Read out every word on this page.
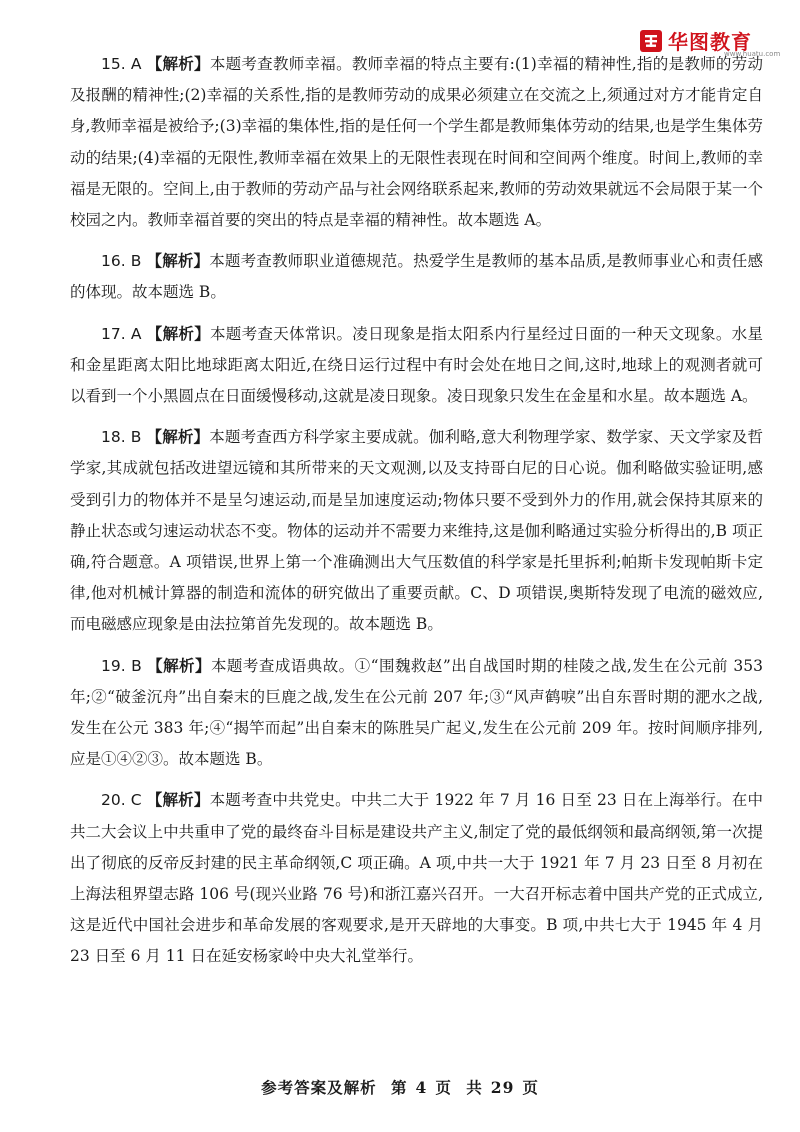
华图教育
www.huatu.com

15. A 【解析】本题考查教师幸福。教师幸福的特点主要有:(1)幸福的精神性,指的是教师的劳动及报酬的精神性;(2)幸福的关系性,指的是教师劳动的成果必须建立在交流之上,须通过对方才能肯定自身,教师幸福是被给予;(3)幸福的集体性,指的是任何一个学生都是教师集体劳动的结果,也是学生集体劳动的结果;(4)幸福的无限性,教师幸福在效果上的无限性表现在时间和空间两个维度。时间上,教师的幸福是无限的。空间上,由于教师的劳动产品与社会网络联系起来,教师的劳动效果就远不会局限于某一个校园之内。教师幸福首要的突出的特点是幸福的精神性。故本题选 A。

16. B 【解析】本题考查教师职业道德规范。热爱学生是教师的基本品质,是教师事业心和责任感的体现。故本题选 B。

17. A 【解析】本题考查天体常识。凌日现象是指太阳系内行星经过日面的一种天文现象。水星和金星距离太阳比地球距离太阳近,在绕日运行过程中有时会处在地日之间,这时,地球上的观测者就可以看到一个小黑圆点在日面缓慢移动,这就是凌日现象。凌日现象只发生在金星和水星。故本题选 A。

18. B 【解析】本题考查西方科学家主要成就。伽利略,意大利物理学家、数学家、天文学家及哲学家,其成就包括改进望远镜和其所带来的天文观测,以及支持哥白尼的日心说。伽利略做实验证明,感受到引力的物体并不是呈匀速运动,而是呈加速度运动;物体只要不受到外力的作用,就会保持其原来的静止状态或匀速运动状态不变。物体的运动并不需要力来维持,这是伽利略通过实验分析得出的,B 项正确,符合题意。A 项错误,世界上第一个准确测出大气压数值的科学家是托里拆利;帕斯卡发现帕斯卡定律,他对机械计算器的制造和流体的研究做出了重要贡献。C、D 项错误,奥斯特发现了电流的磁效应,而电磁感应现象是由法拉第首先发现的。故本题选 B。

19. B 【解析】本题考查成语典故。①“围魏救赵”出自战国时期的桂陵之战,发生在公元前 353 年;②“破釜沉舟”出自秦末的巨鹿之战,发生在公元前 207 年;③“风声鹤唳”出自东晋时期的淝水之战,发生在公元 383 年;④“揭竿而起”出自秦末的陈胜吴广起义,发生在公元前 209 年。按时间顺序排列,应是①④②③。故本题选 B。

20. C 【解析】本题考查中共党史。中共二大于 1922 年 7 月 16 日至 23 日在上海举行。在中共二大会议上中共重申了党的最终奋斗目标是建设共产主义,制定了党的最低纲领和最高纲领,第一次提出了彻底的反帝反封建的民主革命纲领,C 项正确。A 项,中共一大于 1921 年 7 月 23 日至 8 月初在上海法租界望志路 106 号(现兴业路 76 号)和浙江嘉兴召开。一大召开标志着中国共产党的正式成立,这是近代中国社会进步和革命发展的客观要求,是开天辟地的大事变。B 项,中共七大于 1945 年 4 月 23 日至 6 月 11 日在延安杨家岭中央大礼堂举行。

参考答案及解析 第 4 页 共 29 页
